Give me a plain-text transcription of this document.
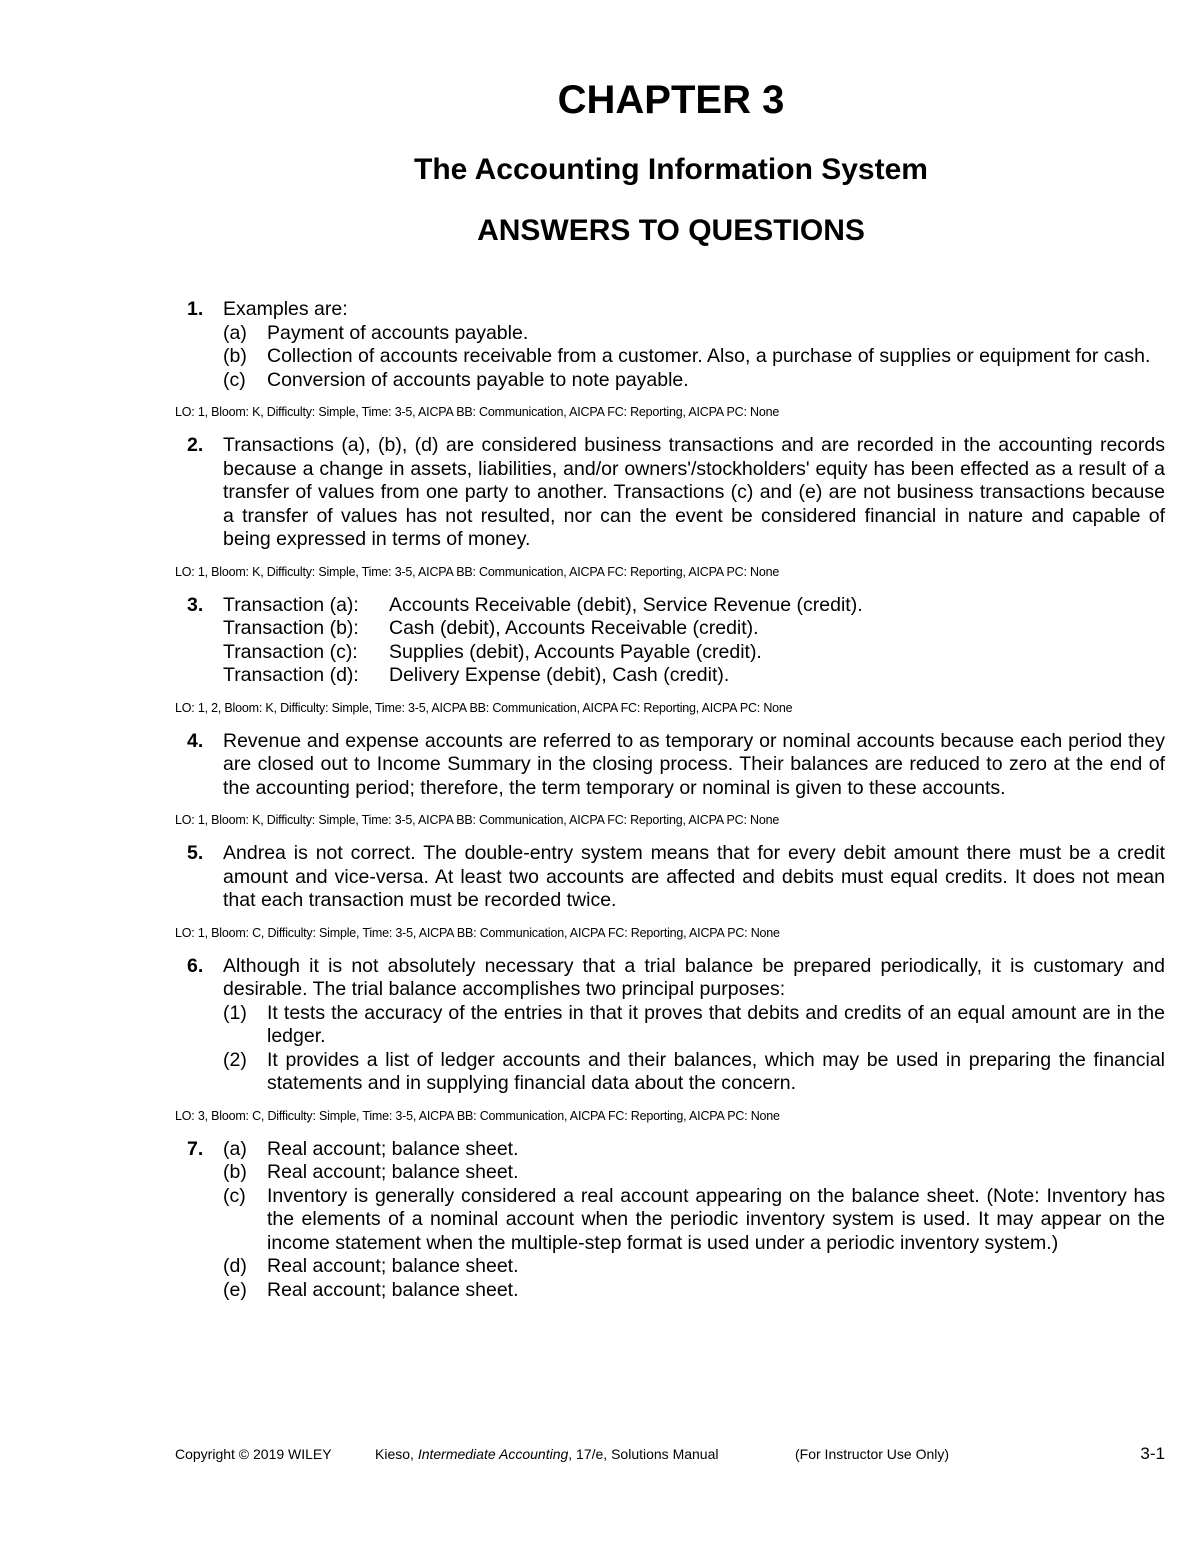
CHAPTER 3
The Accounting Information System
ANSWERS TO QUESTIONS
1. Examples are:
(a) Payment of accounts payable.
(b) Collection of accounts receivable from a customer. Also, a purchase of supplies or equipment for cash.
(c) Conversion of accounts payable to note payable.
LO: 1, Bloom: K, Difficulty: Simple, Time: 3-5, AICPA BB: Communication, AICPA FC: Reporting, AICPA PC: None
2. Transactions (a), (b), (d) are considered business transactions and are recorded in the accounting records because a change in assets, liabilities, and/or owners'/stockholders' equity has been effected as a result of a transfer of values from one party to another. Transactions (c) and (e) are not business transactions because a transfer of values has not resulted, nor can the event be considered financial in nature and capable of being expressed in terms of money.
LO: 1, Bloom: K, Difficulty: Simple, Time: 3-5, AICPA BB: Communication, AICPA FC: Reporting, AICPA PC: None
3. Transaction (a):	Accounts Receivable (debit), Service Revenue (credit).
Transaction (b):	Cash (debit), Accounts Receivable (credit).
Transaction (c):	Supplies (debit), Accounts Payable (credit).
Transaction (d):	Delivery Expense (debit), Cash (credit).
LO: 1, 2, Bloom: K, Difficulty: Simple, Time: 3-5, AICPA BB: Communication, AICPA FC: Reporting, AICPA PC: None
4. Revenue and expense accounts are referred to as temporary or nominal accounts because each period they are closed out to Income Summary in the closing process. Their balances are reduced to zero at the end of the accounting period; therefore, the term temporary or nominal is given to these accounts.
LO: 1, Bloom: K, Difficulty: Simple, Time: 3-5, AICPA BB: Communication, AICPA FC: Reporting, AICPA PC: None
5. Andrea is not correct. The double-entry system means that for every debit amount there must be a credit amount and vice-versa. At least two accounts are affected and debits must equal credits. It does not mean that each transaction must be recorded twice.
LO: 1, Bloom: C, Difficulty: Simple, Time: 3-5, AICPA BB: Communication, AICPA FC: Reporting, AICPA PC: None
6. Although it is not absolutely necessary that a trial balance be prepared periodically, it is customary and desirable. The trial balance accomplishes two principal purposes:
(1) It tests the accuracy of the entries in that it proves that debits and credits of an equal amount are in the ledger.
(2) It provides a list of ledger accounts and their balances, which may be used in preparing the financial statements and in supplying financial data about the concern.
LO: 3, Bloom: C, Difficulty: Simple, Time: 3-5, AICPA BB: Communication, AICPA FC: Reporting, AICPA PC: None
7. (a) Real account; balance sheet.
(b) Real account; balance sheet.
(c) Inventory is generally considered a real account appearing on the balance sheet. (Note: Inventory has the elements of a nominal account when the periodic inventory system is used. It may appear on the income statement when the multiple-step format is used under a periodic inventory system.)
(d) Real account; balance sheet.
(e) Real account; balance sheet.
Copyright © 2019 WILEY	Kieso, Intermediate Accounting, 17/e, Solutions Manual	(For Instructor Use Only)	3-1
